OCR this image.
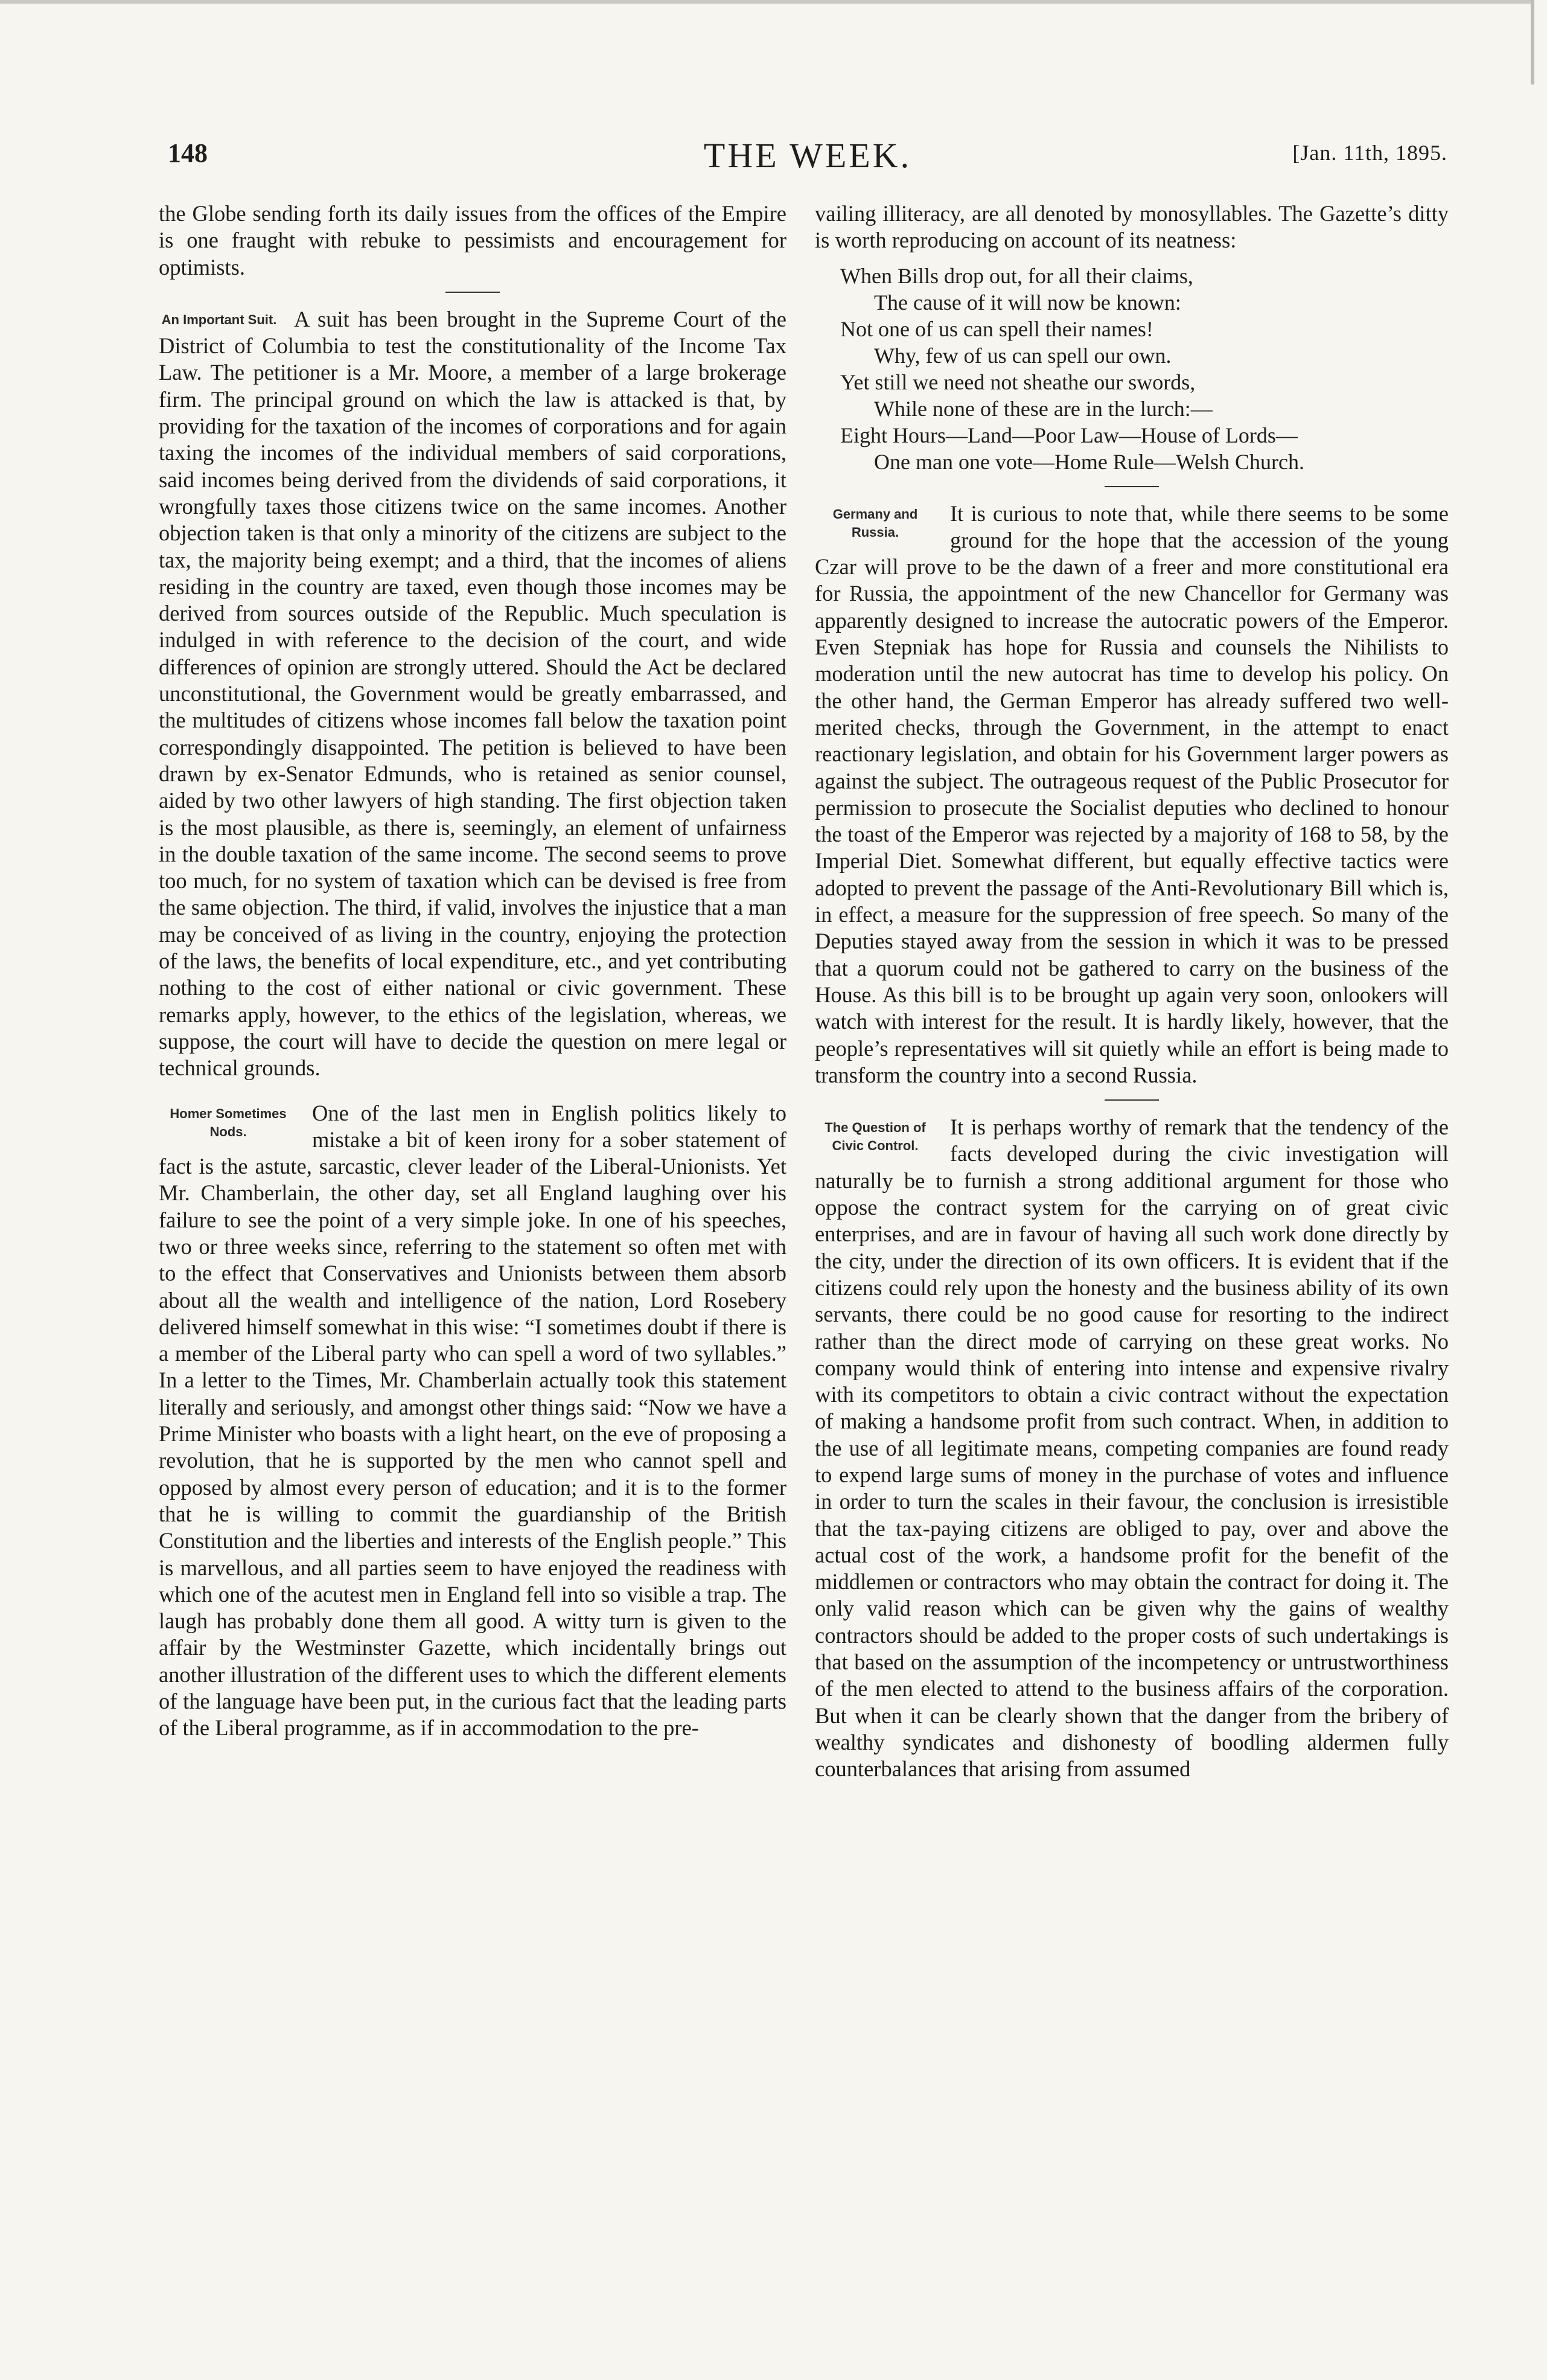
148	THE WEEK.	[Jan. 11th, 1895.

the Globe sending forth its daily issues from the offices of the Empire is one fraught with rebuke to pessimists and encouragement for optimists.

An Important Suit. A suit has been brought in the Supreme Court of the District of Columbia to test the constitutionality of the Income Tax Law. The petitioner is a Mr. Moore, a member of a large brokerage firm. The principal ground on which the law is attacked is that, by providing for the taxation of the incomes of corporations and for again taxing the incomes of the individual members of said corporations, said incomes being derived from the dividends of said corporations, it wrongfully taxes those citizens twice on the same incomes. Another objection taken is that only a minority of the citizens are subject to the tax, the majority being exempt; and a third, that the incomes of aliens residing in the country are taxed, even though those incomes may be derived from sources outside of the Republic. Much speculation is indulged in with reference to the decision of the court, and wide differences of opinion are strongly uttered. Should the Act be declared unconstitutional, the Government would be greatly embarrassed, and the multitudes of citizens whose incomes fall below the taxation point correspondingly disappointed. The petition is believed to have been drawn by ex-Senator Edmunds, who is retained as senior counsel, aided by two other lawyers of high standing. The first objection taken is the most plausible, as there is, seemingly, an element of unfairness in the double taxation of the same income. The second seems to prove too much, for no system of taxation which can be devised is free from the same objection. The third, if valid, involves the injustice that a man may be conceived of as living in the country, enjoying the protection of the laws, the benefits of local expenditure, etc., and yet contributing nothing to the cost of either national or civic government. These remarks apply, however, to the ethics of the legislation, whereas, we suppose, the court will have to decide the question on mere legal or technical grounds.

Homer Sometimes Nods.

One of the last men in English politics likely to mistake a bit of keen irony for a sober statement of fact is the astute, sarcastic, clever leader of the Liberal-Unionists. Yet Mr. Chamberlain, the other day, set all England laughing over his failure to see the point of a very simple joke. In one of his speeches, two or three weeks since, referring to the statement so often met with to the effect that Conservatives and Unionists between them absorb about all the wealth and intelligence of the nation, Lord Rosebery delivered himself somewhat in this wise: “I sometimes doubt if there is a member of the Liberal party who can spell a word of two syllables.” In a letter to the Times, Mr. Chamberlain actually took this statement literally and seriously, and amongst other things said: “Now we have a Prime Minister who boasts with a light heart, on the eve of proposing a revolution, that he is supported by the men who cannot spell and opposed by almost every person of education; and it is to the former that he is willing to commit the guardianship of the British Constitution and the liberties and interests of the English people.” This is marvellous, and all parties seem to have enjoyed the readiness with which one of the acutest men in England fell into so visible a trap. The laugh has probably done them all good. A witty turn is given to the affair by the Westminster Gazette, which incidentally brings out another illustration of the different uses to which the different elements of the language have been put, in the curious fact that the leading parts of the Liberal programme, as if in accommodation to the pre-

vailing illiteracy, are all denoted by monosyllables. The Gazette’s ditty is worth reproducing on account of its neatness:

When Bills drop out, for all their claims,
The cause of it will now be known:
Not one of us can spell their names!
Why, few of us can spell our own.
Yet still we need not sheathe our swords,
While none of these are in the lurch:—
Eight Hours—Land—Poor Law—House of Lords—
One man one vote—Home Rule—Welsh Church.
Germany and Russia.

It is curious to note that, while there seems to be some ground for the hope that the accession of the young Czar will prove to be the dawn of a freer and more constitutional era for Russia, the appointment of the new Chancellor for Germany was apparently designed to increase the autocratic powers of the Emperor. Even Stepniak has hope for Russia and counsels the Nihilists to moderation until the new autocrat has time to develop his policy. On the other hand, the German Emperor has already suffered two well-merited checks, through the Government, in the attempt to enact reactionary legislation, and obtain for his Government larger powers as against the subject. The outrageous request of the Public Prosecutor for permission to prosecute the Socialist deputies who declined to honour the toast of the Emperor was rejected by a majority of 168 to 58, by the Imperial Diet. Somewhat different, but equally effective tactics were adopted to prevent the passage of the Anti-Revolutionary Bill which is, in effect, a measure for the suppression of free speech. So many of the Deputies stayed away from the session in which it was to be pressed that a quorum could not be gathered to carry on the business of the House. As this bill is to be brought up again very soon, onlookers will watch with interest for the result. It is hardly likely, however, that the people’s representatives will sit quietly while an effort is being made to transform the country into a second Russia.

The Question of Civic Control.

It is perhaps worthy of remark that the tendency of the facts developed during the civic investigation will naturally be to furnish a strong additional argument for those who oppose the contract system for the carrying on of great civic enterprises, and are in favour of having all such work done directly by the city, under the direction of its own officers. It is evident that if the citizens could rely upon the honesty and the business ability of its own servants, there could be no good cause for resorting to the indirect rather than the direct mode of carrying on these great works. No company would think of entering into intense and expensive rivalry with its competitors to obtain a civic contract without the expectation of making a handsome profit from such contract. When, in addition to the use of all legitimate means, competing companies are found ready to expend large sums of money in the purchase of votes and influence in order to turn the scales in their favour, the conclusion is irresistible that the tax-paying citizens are obliged to pay, over and above the actual cost of the work, a handsome profit for the benefit of the middlemen or contractors who may obtain the contract for doing it. The only valid reason which can be given why the gains of wealthy contractors should be added to the proper costs of such undertakings is that based on the assumption of the incompetency or untrustworthiness of the men elected to attend to the business affairs of the corporation. But when it can be clearly shown that the danger from the bribery of wealthy syndicates and dishonesty of boodling aldermen fully counterbalances that arising from assumed
